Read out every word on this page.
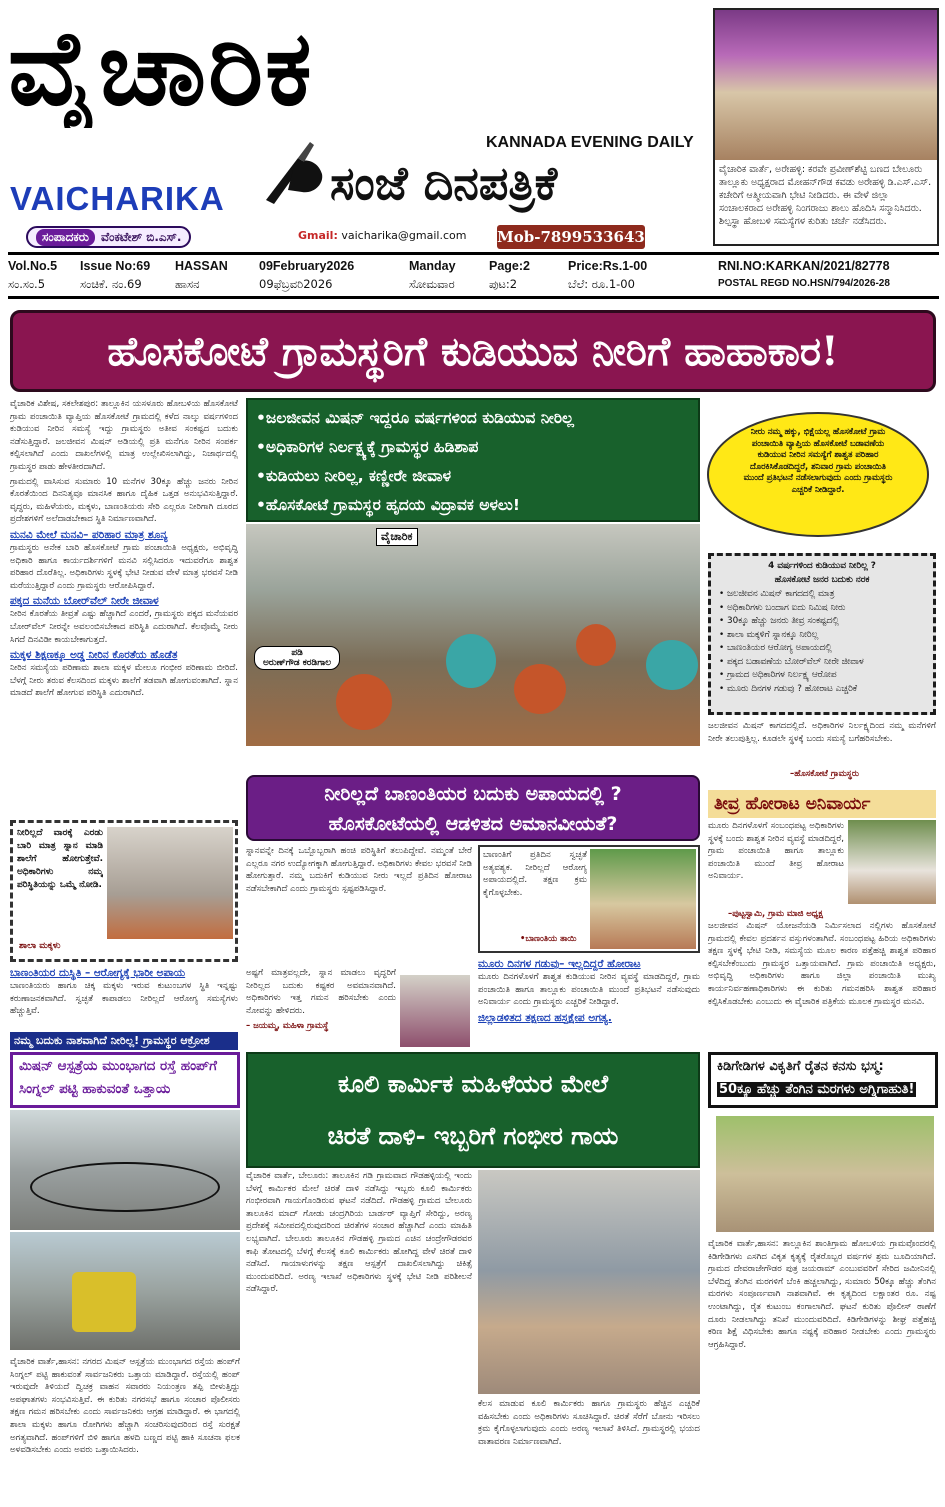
ವೈಚಾರಿಕ
KANNADA EVENING DAILY
ಸಂಜೆ ದಿನಪತ್ರಿಕೆ
VAICHARIKA
ಸಂಪಾದಕರು	ವೆಂಕಟೇಶ್ ಬಿ.ಎಸ್.	Gmail: vaicharika@gmail.com Mob-7899533643
ವೈಚಾರಿಕ ವಾರ್ತೆ, ಅರೇಹಳ್ಳಿ: ಕರವೇ ಪ್ರವೀಣ್‌ಶೆಟ್ಟಿ ಬಣದ ಬೇಲೂರು ತಾಲ್ಲೂಕು ಅಧ್ಯಕ್ಷರಾದ ಮೋಹನ್‌ಗೌಡ ಕವಡು ಅರೇಹಳ್ಳಿ ಡಿ.ಎಸ್.ಎಸ್. ಕಚೇರಿಗೆ ಆತ್ಮೀಯವಾಗಿ ಭೇಟಿ ನೀಡಿದರು. ಈ ವೇಳೆ ಜಿಲ್ಲಾ ಸಂಚಾಲಕರಾದ ಅರೇಹಳ್ಳಿ ನಿಂಗರಾಜು ಶಾಲು ಹೊದಿಸಿ ಸನ್ಮಾನಿಸಿದರು. ಶಿಲ್ಪಸ್ಥಾ ಹೋಬಳಿ ಸಮಸ್ಯೆಗಳ ಕುರಿತು ಚರ್ಚೆ ನಡೆಸಿದರು.
Vol.No.5	Issue No:69	HASSAN	09February2026	Manday	Page:2	Price:Rs.1-00
ಸಂ.ಸಂ.5	ಸಂಚಿಕೆ. ನಂ.69	ಹಾಸನ	09ಫೆಬ್ರವರಿ2026	ಸೋಮವಾರ	ಪುಟ:2	ಬೆಲೆ: ರೂ.1-00
RNI.NO:KARKAN/2021/82778
POSTAL REGD NO.HSN/794/2026-28
ಹೊಸಕೋಟೆ ಗ್ರಾಮಸ್ಥರಿಗೆ ಕುಡಿಯುವ ನೀರಿಗೆ ಹಾಹಾಕಾರ!

ವೈಚಾರಿಕ ವಿಶೇಷ, ಸಕಲೇಶಪುರ: ತಾಲ್ಲೂಕಿನ ಯಸಳೂರು ಹೋಬಳಿಯ ಹೊಸಕೋಟೆ ಗ್ರಾಮ ಪಂಚಾಯಿತಿ ವ್ಯಾಪ್ತಿಯ ಹೊಸಕೋಟೆ ಗ್ರಾಮದಲ್ಲಿ ಕಳೆದ ನಾಲ್ಕು ವರ್ಷಗಳಿಂದ ಕುಡಿಯುವ ನೀರಿನ ಸಮಸ್ಯೆ ಇದ್ದು ಗ್ರಾಮಸ್ಥರು ಅತೀವ ಸಂಕಷ್ಟದ ಬದುಕು ನಡೆಸುತ್ತಿದ್ದಾರೆ. ಜಲಜೀವನ ಮಿಷನ್ ಅಡಿಯಲ್ಲಿ ಪ್ರತಿ ಮನೆಗೂ ನೀರಿನ ಸಂಪರ್ಕ ಕಲ್ಪಿಸಲಾಗಿದೆ ಎಂದು ದಾಖಲೆಗಳಲ್ಲಿ ಮಾತ್ರ ಉಲ್ಲೇಖಿಸಲಾಗಿದ್ದು, ನಿಜಾರ್ಥದಲ್ಲಿ ಗ್ರಾಮಸ್ಥರ ಪಾಡು ಹೇಳತೀರದಾಗಿದೆ.

ಗ್ರಾಮದಲ್ಲಿ ವಾಸಿಸುವ ಸುಮಾರು 10 ಮನೆಗಳ 30ಕ್ಕೂ ಹೆಚ್ಚು ಜನರು ನೀರಿನ ಕೊರತೆಯಿಂದ ದಿನನಿತ್ಯವೂ ಮಾನಸಿಕ ಹಾಗೂ ದೈಹಿಕ ಒತ್ತಡ ಅನುಭವಿಸುತ್ತಿದ್ದಾರೆ. ವೃದ್ಧರು, ಮಹಿಳೆಯರು, ಮಕ್ಕಳು, ಬಾಣಂತಿಯರು ಸೇರಿ ಎಲ್ಲರೂ ನೀರಿಗಾಗಿ ದೂರದ ಪ್ರದೇಶಗಳಿಗೆ ಅಲೆದಾಡಬೇಕಾದ ಸ್ಥಿತಿ ನಿರ್ಮಾಣವಾಗಿದೆ.

ಮನವಿ ಮೇಲೆ ಮನವಿ– ಪರಿಹಾರ ಮಾತ್ರ ಶೂನ್ಯ

ಗ್ರಾಮಸ್ಥರು ಅನೇಕ ಬಾರಿ ಹೊಸಕೋಟೆ ಗ್ರಾಮ ಪಂಚಾಯಿತಿ ಅಧ್ಯಕ್ಷರು, ಅಭಿವೃದ್ಧಿ ಅಧಿಕಾರಿ ಹಾಗೂ ಕಾರ್ಯದರ್ಶಿಗಳಿಗೆ ಮನವಿ ಸಲ್ಲಿಸಿದರೂ ಇದುವರೆಗೂ ಶಾಶ್ವತ ಪರಿಹಾರ ದೊರೆತಿಲ್ಲ. ಅಧಿಕಾರಿಗಳು ಸ್ಥಳಕ್ಕೆ ಭೇಟಿ ನೀಡುವ ವೇಳೆ ಮಾತ್ರ ಭರವಸೆ ನೀಡಿ ಮರೆಯುತ್ತಿದ್ದಾರೆ ಎಂದು ಗ್ರಾಮಸ್ಥರು ಆರೋಪಿಸಿದ್ದಾರೆ.

ಪಕ್ಕದ ಮನೆಯ ಬೋರ್‌ವೆಲ್ ನೀರೇ ಜೀವಾಳ

ನೀರಿನ ಕೊರತೆಯ ತೀವ್ರತೆ ಎಷ್ಟು ಹೆಚ್ಚಾಗಿದೆ ಎಂದರೆ, ಗ್ರಾಮಸ್ಥರು ಪಕ್ಕದ ಮನೆಯವರ ಬೋರ್‌ವೆಲ್ ನೀರನ್ನೇ ಅವಲಂಬಿಸಬೇಕಾದ ಪರಿಸ್ಥಿತಿ ಎದುರಾಗಿದೆ. ಕೆಲವೊಮ್ಮೆ ನೀರು ಸಿಗದೆ ದಿನವಿಡೀ ಕಾಯಬೇಕಾಗುತ್ತದೆ.

ಮಕ್ಕಳ ಶಿಕ್ಷಣಕ್ಕೂ ಅಡ್ಡ ನೀರಿನ ಕೊರತೆಯ ಹೊಡೆತ

ನೀರಿನ ಸಮಸ್ಯೆಯ ಪರಿಣಾಮ ಶಾಲಾ ಮಕ್ಕಳ ಮೇಲೂ ಗಂಭೀರ ಪರಿಣಾಮ ಬೀರಿದೆ. ಬೆಳಗ್ಗೆ ನೀರು ತರುವ ಕೆಲಸದಿಂದ ಮಕ್ಕಳು ಶಾಲೆಗೆ ತಡವಾಗಿ ಹೋಗುವಂತಾಗಿದೆ. ಸ್ನಾನ ಮಾಡದೆ ಶಾಲೆಗೆ ಹೋಗುವ ಪರಿಸ್ಥಿತಿ ಎದುರಾಗಿದೆ.

ನೀರಿಲ್ಲದೆ ವಾರಕ್ಕೆ ಎರಡು ಬಾರಿ ಮಾತ್ರ ಸ್ನಾನ ಮಾಡಿ ಶಾಲೆಗೆ ಹೋಗುತ್ತೇವೆ. ಅಧಿಕಾರಿಗಳು ನಮ್ಮ ಪರಿಸ್ಥಿತಿಯನ್ನು ಒಮ್ಮೆ ನೋಡಿ.
ಶಾಲಾ ಮಕ್ಕಳು
ಬಾಣಂತಿಯರ ದುಸ್ಥಿತಿ – ಆರೋಗ್ಯಕ್ಕೆ ಭಾರೀ ಅಪಾಯ

ಬಾಣಂತಿಯರು ಹಾಗೂ ಚಿಕ್ಕ ಮಕ್ಕಳು ಇರುವ ಕುಟುಂಬಗಳ ಸ್ಥಿತಿ ಇನ್ನಷ್ಟು ಕರುಣಾಜನಕವಾಗಿದೆ. ಸ್ವಚ್ಛತೆ ಕಾಪಾಡಲು ನೀರಿಲ್ಲದೆ ಆರೋಗ್ಯ ಸಮಸ್ಯೆಗಳು ಹೆಚ್ಚುತ್ತಿವೆ.

ನಮ್ಮ ಬದುಕು ನಾಶವಾಗಿದೆ ನೀರಿಲ್ಲ! ಗ್ರಾಮಸ್ಥರ ಆಕ್ರೋಶ
•ಜಲಜೀವನ ಮಿಷನ್ ಇದ್ದರೂ ವರ್ಷಗಳಿಂದ ಕುಡಿಯುವ ನೀರಿಲ್ಲ
•ಅಧಿಕಾರಿಗಳ ನಿರ್ಲಕ್ಷ್ಯಕ್ಕೆ ಗ್ರಾಮಸ್ಥರ ಹಿಡಿಶಾಪ
•ಕುಡಿಯಲು ನೀರಿಲ್ಲ, ಕಣ್ಣೀರೇ ಜೀವಾಳ
•ಹೊಸಕೋಟೆ ಗ್ರಾಮಸ್ಥರ ಹೃದಯ ವಿದ್ರಾವಕ ಅಳಲು!
ವೈಚಾರಿಕ
ಪಡಿ
ಅರುಣ್‌ಗೌಡ ಕರಡಿಗಾಲ
ನೀರು ನಮ್ಮ ಹಕ್ಕು, ಭಿಕ್ಷೆಯಲ್ಲ ಹೊಸಕೋಟೆ ಗ್ರಾಮ ಪಂಚಾಯಿತಿ ವ್ಯಾಪ್ತಿಯ ಹೊಸಕೋಟೆ ಬಡಾವಣೆಯ ಕುಡಿಯುವ ನೀರಿನ ಸಮಸ್ಯೆಗೆ ಶಾಶ್ವತ ಪರಿಹಾರ ದೊರಕಿಸಿಕೊಡದಿದ್ದರೆ, ಶನಿವಾರ ಗ್ರಾಮ ಪಂಚಾಯಿತಿ ಮುಂದೆ ಪ್ರತಿಭಟನೆ ನಡೆಸಲಾಗುವುದು ಎಂದು ಗ್ರಾಮಸ್ಥರು ಎಚ್ಚರಿಕೆ ನೀಡಿದ್ದಾರೆ.
4 ವರ್ಷಗಳಿಂದ ಕುಡಿಯುವ ನೀರಿಲ್ಲ ?
ಹೊಸಕೋಟೆ ಜನರ ಬದುಕು ನರಕ
• ಜಲಜೀವನ ಮಿಷನ್ ಕಾಗದದಲ್ಲಿ ಮಾತ್ರ
• ಅಧಿಕಾರಿಗಳು ಬಂದಾಗ ಐದು ನಿಮಿಷ ನೀರು
• 30ಕ್ಕೂ ಹೆಚ್ಚು ಜನರು ತೀವ್ರ ಸಂಕಷ್ಟದಲ್ಲಿ
• ಶಾಲಾ ಮಕ್ಕಳಿಗೆ ಸ್ನಾನಕ್ಕೂ ನೀರಿಲ್ಲ
• ಬಾಣಂತಿಯರ ಆರೋಗ್ಯ ಅಪಾಯದಲ್ಲಿ
• ಪಕ್ಕದ ಬಡಾವಣೆಯ ಬೋರ್‌ವೆಲ್ ನೀರೇ ಜೀವಾಳ
• ಗ್ರಾಮದ ಅಧಿಕಾರಿಗಳ ನಿರ್ಲಕ್ಷ್ಯ ಆರೋಪ
• ಮೂರು ದಿನಗಳ ಗಡುವು ? ಹೋರಾಟ ಎಚ್ಚರಿಕೆ
ಜಲಜೀವನ ಮಿಷನ್ ಕಾಗದದಲ್ಲಿದೆ. ಅಧಿಕಾರಿಗಳ ನಿರ್ಲಕ್ಷ್ಯದಿಂದ ನಮ್ಮ ಮನೆಗಳಿಗೆ ನೀರೇ ತಲುಪುತ್ತಿಲ್ಲ. ಕೂಡಲೇ ಸ್ಥಳಕ್ಕೆ ಬಂದು ಸಮಸ್ಯೆ ಬಗೆಹರಿಸಬೇಕು.
–ಹೊಸಕೋಟೆ ಗ್ರಾಮಸ್ಥರು
ನೀರಿಲ್ಲದೆ ಬಾಣಂತಿಯರ ಬದುಕು ಅಪಾಯದಲ್ಲಿ ?
ಹೊಸಕೋಟೆಯಲ್ಲಿ ಆಡಳಿತದ ಅಮಾನವೀಯತೆ?
ಸ್ನಾನವನ್ನೇ ದಿನಕ್ಕೆ ಒಬ್ಬೊಬ್ಬರಾಗಿ ಹಂಚಿ ಪರಿಸ್ಥಿತಿಗೆ ತಲುಪಿದ್ದೇವೆ. ನಮ್ಮಂತೆ ಬೇರೆ ಎಲ್ಲರೂ ನಗರ ಉದ್ಯೋಗಕ್ಕಾಗಿ ಹೋಗುತ್ತಿದ್ದಾರೆ. ಅಧಿಕಾರಿಗಳು ಕೇವಲ ಭರವಸೆ ನೀಡಿ ಹೋಗುತ್ತಾರೆ. ನಮ್ಮ ಬದುಕಿಗೆ ಕುಡಿಯುವ ನೀರು ಇಲ್ಲದೆ ಪ್ರತಿದಿನ ಹೋರಾಟ ನಡೆಸಬೇಕಾಗಿದೆ ಎಂದು ಗ್ರಾಮಸ್ಥರು ಸ್ಪಷ್ಟಪಡಿಸಿದ್ದಾರೆ.
ಬಾಣಂತಿಗೆ ಪ್ರತಿದಿನ ಸ್ವಚ್ಛತೆ ಅತ್ಯವಶ್ಯಕ. ನೀರಿಲ್ಲದೆ ಆರೋಗ್ಯ ಅಪಾಯದಲ್ಲಿದೆ. ತಕ್ಷಣ ಕ್ರಮ ಕೈಗೊಳ್ಳಬೇಕು.
•ಬಾಣಂತಿಯ ತಾಯಿ

ಅಷ್ಟಗೆ ಮಾತ್ರವಲ್ಲದೇ, ಸ್ನಾನ ಮಾಡಲು ವೃದ್ಧರಿಗೆ ನೀರಿಲ್ಲದ ಬದುಕು ಕಷ್ಟಕರ ಅವಮಾನವಾಗಿದೆ. ಅಧಿಕಾರಿಗಳು ಇತ್ತ ಗಮನ ಹರಿಸಬೇಕು ಎಂದು ನೋವನ್ನು ಹೇಳಿದರು.

– ಜಯಮ್ಮ, ಮಹಿಳಾ ಗ್ರಾಮಸ್ಥೆ
ಮೂರು ದಿನಗಳ ಗಡುವು– ಇಲ್ಲದಿದ್ದರೆ ಹೋರಾಟ

ಮೂರು ದಿನಗಳೊಳಗೆ ಶಾಶ್ವತ ಕುಡಿಯುವ ನೀರಿನ ವ್ಯವಸ್ಥೆ ಮಾಡದಿದ್ದರೆ, ಗ್ರಾಮ ಪಂಚಾಯಿತಿ ಹಾಗೂ ತಾಲ್ಲೂಕು ಪಂಚಾಯಿತಿ ಮುಂದೆ ಪ್ರತಿಭಟನೆ ನಡೆಸುವುದು ಅನಿವಾರ್ಯ ಎಂದು ಗ್ರಾಮಸ್ಥರು ಎಚ್ಚರಿಕೆ ನೀಡಿದ್ದಾರೆ.

ಜಿಲ್ಲಾಡಳಿತದ ತಕ್ಷಣದ ಹಸ್ತಕ್ಷೇಪ ಅಗತ್ಯ.
ತೀವ್ರ ಹೋರಾಟ ಅನಿವಾರ್ಯ
ಮೂರು ದಿನಗಳೊಳಗೆ ಸಂಬಂಧಪಟ್ಟ ಅಧಿಕಾರಿಗಳು ಸ್ಥಳಕ್ಕೆ ಬಂದು ಶಾಶ್ವತ ನೀರಿನ ವ್ಯವಸ್ಥೆ ಮಾಡದಿದ್ದರೆ, ಗ್ರಾಮ ಪಂಚಾಯಿತಿ ಹಾಗೂ ತಾಲ್ಲೂಕು ಪಂಚಾಯಿತಿ ಮುಂದೆ ತೀವ್ರ ಹೋರಾಟ ಅನಿವಾರ್ಯ.
–ಪುಟ್ಟಸ್ವಾಮಿ, ಗ್ರಾಮ ಮಾಜಿ ಅಧ್ಯಕ್ಷ
ಜಲಜೀವನ ಮಿಷನ್ ಯೋಜನೆಯಡಿ ನಿರ್ಮಿಸಲಾದ ನಲ್ಲಿಗಳು ಹೊಸಕೋಟೆ ಗ್ರಾಮದಲ್ಲಿ ಕೇವಲ ಪ್ರದರ್ಶನ ವಸ್ತುಗಳಂತಾಗಿವೆ. ಸಂಬಂಧಪಟ್ಟ ಹಿರಿಯ ಅಧಿಕಾರಿಗಳು ತಕ್ಷಣ ಸ್ಥಳಕ್ಕೆ ಭೇಟಿ ನೀಡಿ, ಸಮಸ್ಯೆಯ ಮೂಲ ಕಾರಣ ಪತ್ತೆಹಚ್ಚಿ ಶಾಶ್ವತ ಪರಿಹಾರ ಕಲ್ಪಿಸಬೇಕೆಂಬುದು ಗ್ರಾಮಸ್ಥರ ಒತ್ತಾಯವಾಗಿದೆ. ಗ್ರಾಮ ಪಂಚಾಯಿತಿ ಅಧ್ಯಕ್ಷರು, ಅಭಿವೃದ್ಧಿ ಅಧಿಕಾರಿಗಳು ಹಾಗೂ ಜಿಲ್ಲಾ ಪಂಚಾಯಿತಿ ಮುಖ್ಯ ಕಾರ್ಯನಿರ್ವಹಣಾಧಿಕಾರಿಗಳು ಈ ಕುರಿತು ಗಮನಹರಿಸಿ ಶಾಶ್ವತ ಪರಿಹಾರ ಕಲ್ಪಿಸಿಕೊಡಬೇಕು ಎಂಬುದು ಈ ವೈಚಾರಿಕ ಪತ್ರಿಕೆಯ ಮೂಲಕ ಗ್ರಾಮಸ್ಥರ ಮನವಿ.
ಮಿಷನ್ ಆಸ್ಪತ್ರೆಯ ಮುಂಭಾಗದ ರಸ್ತೆ ಹಂಪ್‌ಗೆ
ಸಿಂಗ್ನಲ್ ಪಟ್ಟಿ ಹಾಕುವಂತೆ ಒತ್ತಾಯ
ವೈಚಾರಿಕ ವಾರ್ತೆ,ಹಾಸನ: ನಗರದ ಮಿಷನ್ ಆಸ್ಪತ್ರೆಯ ಮುಂಭಾಗದ ರಸ್ತೆಯ ಹಂಪ್‌ಗೆ ಸಿಂಗ್ನಲ್ ಪಟ್ಟಿ ಹಾಕುವಂತೆ ಸಾರ್ವಜನಿಕರು ಒತ್ತಾಯ ಮಾಡಿದ್ದಾರೆ. ರಸ್ತೆಯಲ್ಲಿ ಹಂಪ್ ಇರುವುದೇ ತಿಳಿಯದೆ ದ್ವಿಚಕ್ರ ವಾಹನ ಸವಾರರು ನಿಯಂತ್ರಣ ತಪ್ಪಿ ಬೀಳುತ್ತಿದ್ದು ಅಪಘಾತಗಳು ಸಂಭವಿಸುತ್ತಿವೆ. ಈ ಕುರಿತು ನಗರಸಭೆ ಹಾಗೂ ಸಂಚಾರ ಪೊಲೀಸರು ತಕ್ಷಣ ಗಮನ ಹರಿಸಬೇಕು ಎಂದು ಸಾರ್ವಜನಿಕರು ಆಗ್ರಹ ಮಾಡಿದ್ದಾರೆ. ಈ ಭಾಗದಲ್ಲಿ ಶಾಲಾ ಮಕ್ಕಳು ಹಾಗೂ ರೋಗಿಗಳು ಹೆಚ್ಚಾಗಿ ಸಂಚರಿಸುವುದರಿಂದ ರಸ್ತೆ ಸುರಕ್ಷತೆ ಅಗತ್ಯವಾಗಿದೆ. ಹಂಪ್‌ಗಳಿಗೆ ಬಿಳಿ ಹಾಗೂ ಹಳದಿ ಬಣ್ಣದ ಪಟ್ಟಿ ಹಾಕಿ ಸೂಚನಾ ಫಲಕ ಅಳವಡಿಸಬೇಕು ಎಂದು ಅವರು ಒತ್ತಾಯಿಸಿದರು.
ಕೂಲಿ ಕಾರ್ಮಿಕ ಮಹಿಳೆಯರ ಮೇಲೆ
ಚಿರತೆ ದಾಳಿ- ಇಬ್ಬರಿಗೆ ಗಂಭೀರ ಗಾಯ
ವೈಚಾರಿಕ ವಾರ್ತೆ, ಬೇಲೂರು: ತಾಲೂಕಿನ ಗಡಿ ಗ್ರಾಮವಾದ ಗೌಡಹಳ್ಳಿಯಲ್ಲಿ ಇಂದು ಬೆಳಗ್ಗೆ ಕಾರ್ಮಿಕರ ಮೇಲೆ ಚಿರತೆ ದಾಳಿ ನಡೆಸಿದ್ದು ಇಬ್ಬರು ಕೂಲಿ ಕಾರ್ಮಿಕರು ಗಂಭೀರವಾಗಿ ಗಾಯಗೊಂಡಿರುವ ಘಟನೆ ನಡೆದಿದೆ. ಗೌಡಹಳ್ಳಿ ಗ್ರಾಮದ ಬೇಲೂರು ತಾಲೂಕಿನ ಮಾದ್ ಗೋಡು ಚಂದ್ರಗಿರಿಯ ಬಾರ್ಡರ್ ವ್ಯಾಪ್ತಿಗೆ ಸೇರಿದ್ದು, ಅರಣ್ಯ ಪ್ರದೇಶಕ್ಕೆ ಸಮೀಪದಲ್ಲಿರುವುದರಿಂದ ಚಿರತೆಗಳ ಸಂಚಾರ ಹೆಚ್ಚಾಗಿದೆ ಎಂದು ಮಾಹಿತಿ ಲಭ್ಯವಾಗಿದೆ. ಬೇಲೂರು ತಾಲೂಕಿನ ಗೌಡಹಳ್ಳಿ ಗ್ರಾಮದ ಎಚಿನ ಚಂದ್ರೇಗೌಡರವರ ಕಾಫಿ ತೋಟದಲ್ಲಿ ಬೆಳಗ್ಗೆ ಕೆಲಸಕ್ಕೆ ಕೂಲಿ ಕಾರ್ಮಿಕರು ಹೋಗಿದ್ದ ವೇಳೆ ಚಿರತೆ ದಾಳಿ ನಡೆಸಿದೆ. ಗಾಯಾಳುಗಳನ್ನು ತಕ್ಷಣ ಆಸ್ಪತ್ರೆಗೆ ದಾಖಲಿಸಲಾಗಿದ್ದು ಚಿಕಿತ್ಸೆ ಮುಂದುವರಿದಿದೆ. ಅರಣ್ಯ ಇಲಾಖೆ ಅಧಿಕಾರಿಗಳು ಸ್ಥಳಕ್ಕೆ ಭೇಟಿ ನೀಡಿ ಪರಿಶೀಲನೆ ನಡೆಸಿದ್ದಾರೆ.
ಕೆಲಸ ಮಾಡುವ ಕೂಲಿ ಕಾರ್ಮಿಕರು ಹಾಗೂ ಗ್ರಾಮಸ್ಥರು ಹೆಚ್ಚಿನ ಎಚ್ಚರಿಕೆ ವಹಿಸಬೇಕು ಎಂದು ಅಧಿಕಾರಿಗಳು ಸೂಚಿಸಿದ್ದಾರೆ. ಚಿರತೆ ಸೆರೆಗೆ ಬೋನು ಇರಿಸಲು ಕ್ರಮ ಕೈಗೊಳ್ಳಲಾಗುವುದು ಎಂದು ಅರಣ್ಯ ಇಲಾಖೆ ತಿಳಿಸಿದೆ. ಗ್ರಾಮಸ್ಥರಲ್ಲಿ ಭಯದ ವಾತಾವರಣ ನಿರ್ಮಾಣವಾಗಿದೆ.
ಕಿಡಿಗೇಡಿಗಳ ವಿಕೃತಿಗೆ ರೈತನ ಕನಸು ಭಸ್ಮ:
50ಕ್ಕೂ ಹೆಚ್ಚು ತೆಂಗಿನ ಮರಗಳು ಅಗ್ನಿಗಾಹುತಿ!
ವೈಚಾರಿಕ ವಾರ್ತೆ,ಹಾಸನ: ತಾಲ್ಲೂಕಿನ ಶಾಂತಿಗ್ರಾಮ ಹೋಬಳಿಯ ಗ್ರಾಮವೊಂದರಲ್ಲಿ ಕಿಡಿಗೇಡಿಗಳು ಎಸಗಿದ ವಿಕೃತ ಕೃತ್ಯಕ್ಕೆ ರೈತರೊಬ್ಬರ ವರ್ಷಗಳ ಶ್ರಮ ಬೂದಿಯಾಗಿದೆ. ಗ್ರಾಮದ ದೇವರಾಜೇಗೌಡರ ಪುತ್ರ ಜಯರಾಮ್ ಎಂಬುವವರಿಗೆ ಸೇರಿದ ಜಮೀನಿನಲ್ಲಿ ಬೆಳೆದಿದ್ದ ತೆಂಗಿನ ಮರಗಳಿಗೆ ಬೆಂಕಿ ಹಚ್ಚಲಾಗಿದ್ದು, ಸುಮಾರು 50ಕ್ಕೂ ಹೆಚ್ಚು ತೆಂಗಿನ ಮರಗಳು ಸಂಪೂರ್ಣವಾಗಿ ನಾಶವಾಗಿವೆ. ಈ ಕೃತ್ಯದಿಂದ ಲಕ್ಷಾಂತರ ರೂ. ನಷ್ಟ ಉಂಟಾಗಿದ್ದು, ರೈತ ಕುಟುಂಬ ಕಂಗಾಲಾಗಿದೆ. ಘಟನೆ ಕುರಿತು ಪೊಲೀಸ್ ಠಾಣೆಗೆ ದೂರು ನೀಡಲಾಗಿದ್ದು ತನಿಖೆ ಮುಂದುವರಿದಿದೆ. ಕಿಡಿಗೇಡಿಗಳನ್ನು ಶೀಘ್ರ ಪತ್ತೆಹಚ್ಚಿ ಕಠಿಣ ಶಿಕ್ಷೆ ವಿಧಿಸಬೇಕು ಹಾಗೂ ನಷ್ಟಕ್ಕೆ ಪರಿಹಾರ ನೀಡಬೇಕು ಎಂದು ಗ್ರಾಮಸ್ಥರು ಆಗ್ರಹಿಸಿದ್ದಾರೆ.
